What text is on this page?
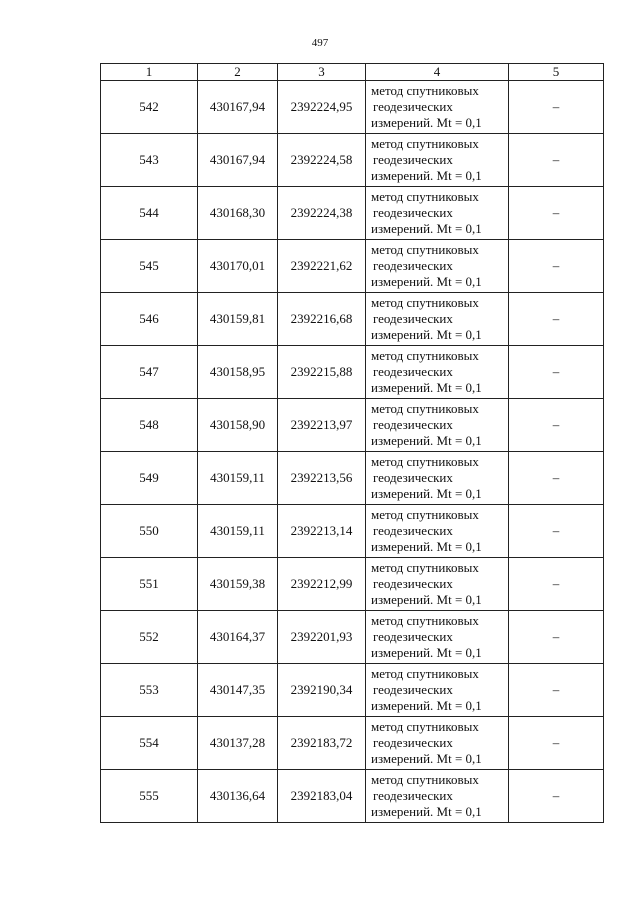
497
1	2	3	4	5
542	430167,94	2392224,95	метод спутниковых
геодезических
измерений. Mt = 0,1	–
543	430167,94	2392224,58	метод спутниковых
геодезических
измерений. Mt = 0,1	–
544	430168,30	2392224,38	метод спутниковых
геодезических
измерений. Mt = 0,1	–
545	430170,01	2392221,62	метод спутниковых
геодезических
измерений. Mt = 0,1	–
546	430159,81	2392216,68	метод спутниковых
геодезических
измерений. Mt = 0,1	–
547	430158,95	2392215,88	метод спутниковых
геодезических
измерений. Mt = 0,1	–
548	430158,90	2392213,97	метод спутниковых
геодезических
измерений. Mt = 0,1	–
549	430159,11	2392213,56	метод спутниковых
геодезических
измерений. Mt = 0,1	–
550	430159,11	2392213,14	метод спутниковых
геодезических
измерений. Mt = 0,1	–
551	430159,38	2392212,99	метод спутниковых
геодезических
измерений. Mt = 0,1	–
552	430164,37	2392201,93	метод спутниковых
геодезических
измерений. Mt = 0,1	–
553	430147,35	2392190,34	метод спутниковых
геодезических
измерений. Mt = 0,1	–
554	430137,28	2392183,72	метод спутниковых
геодезических
измерений. Mt = 0,1	–
555	430136,64	2392183,04	метод спутниковых
геодезических
измерений. Mt = 0,1	–
